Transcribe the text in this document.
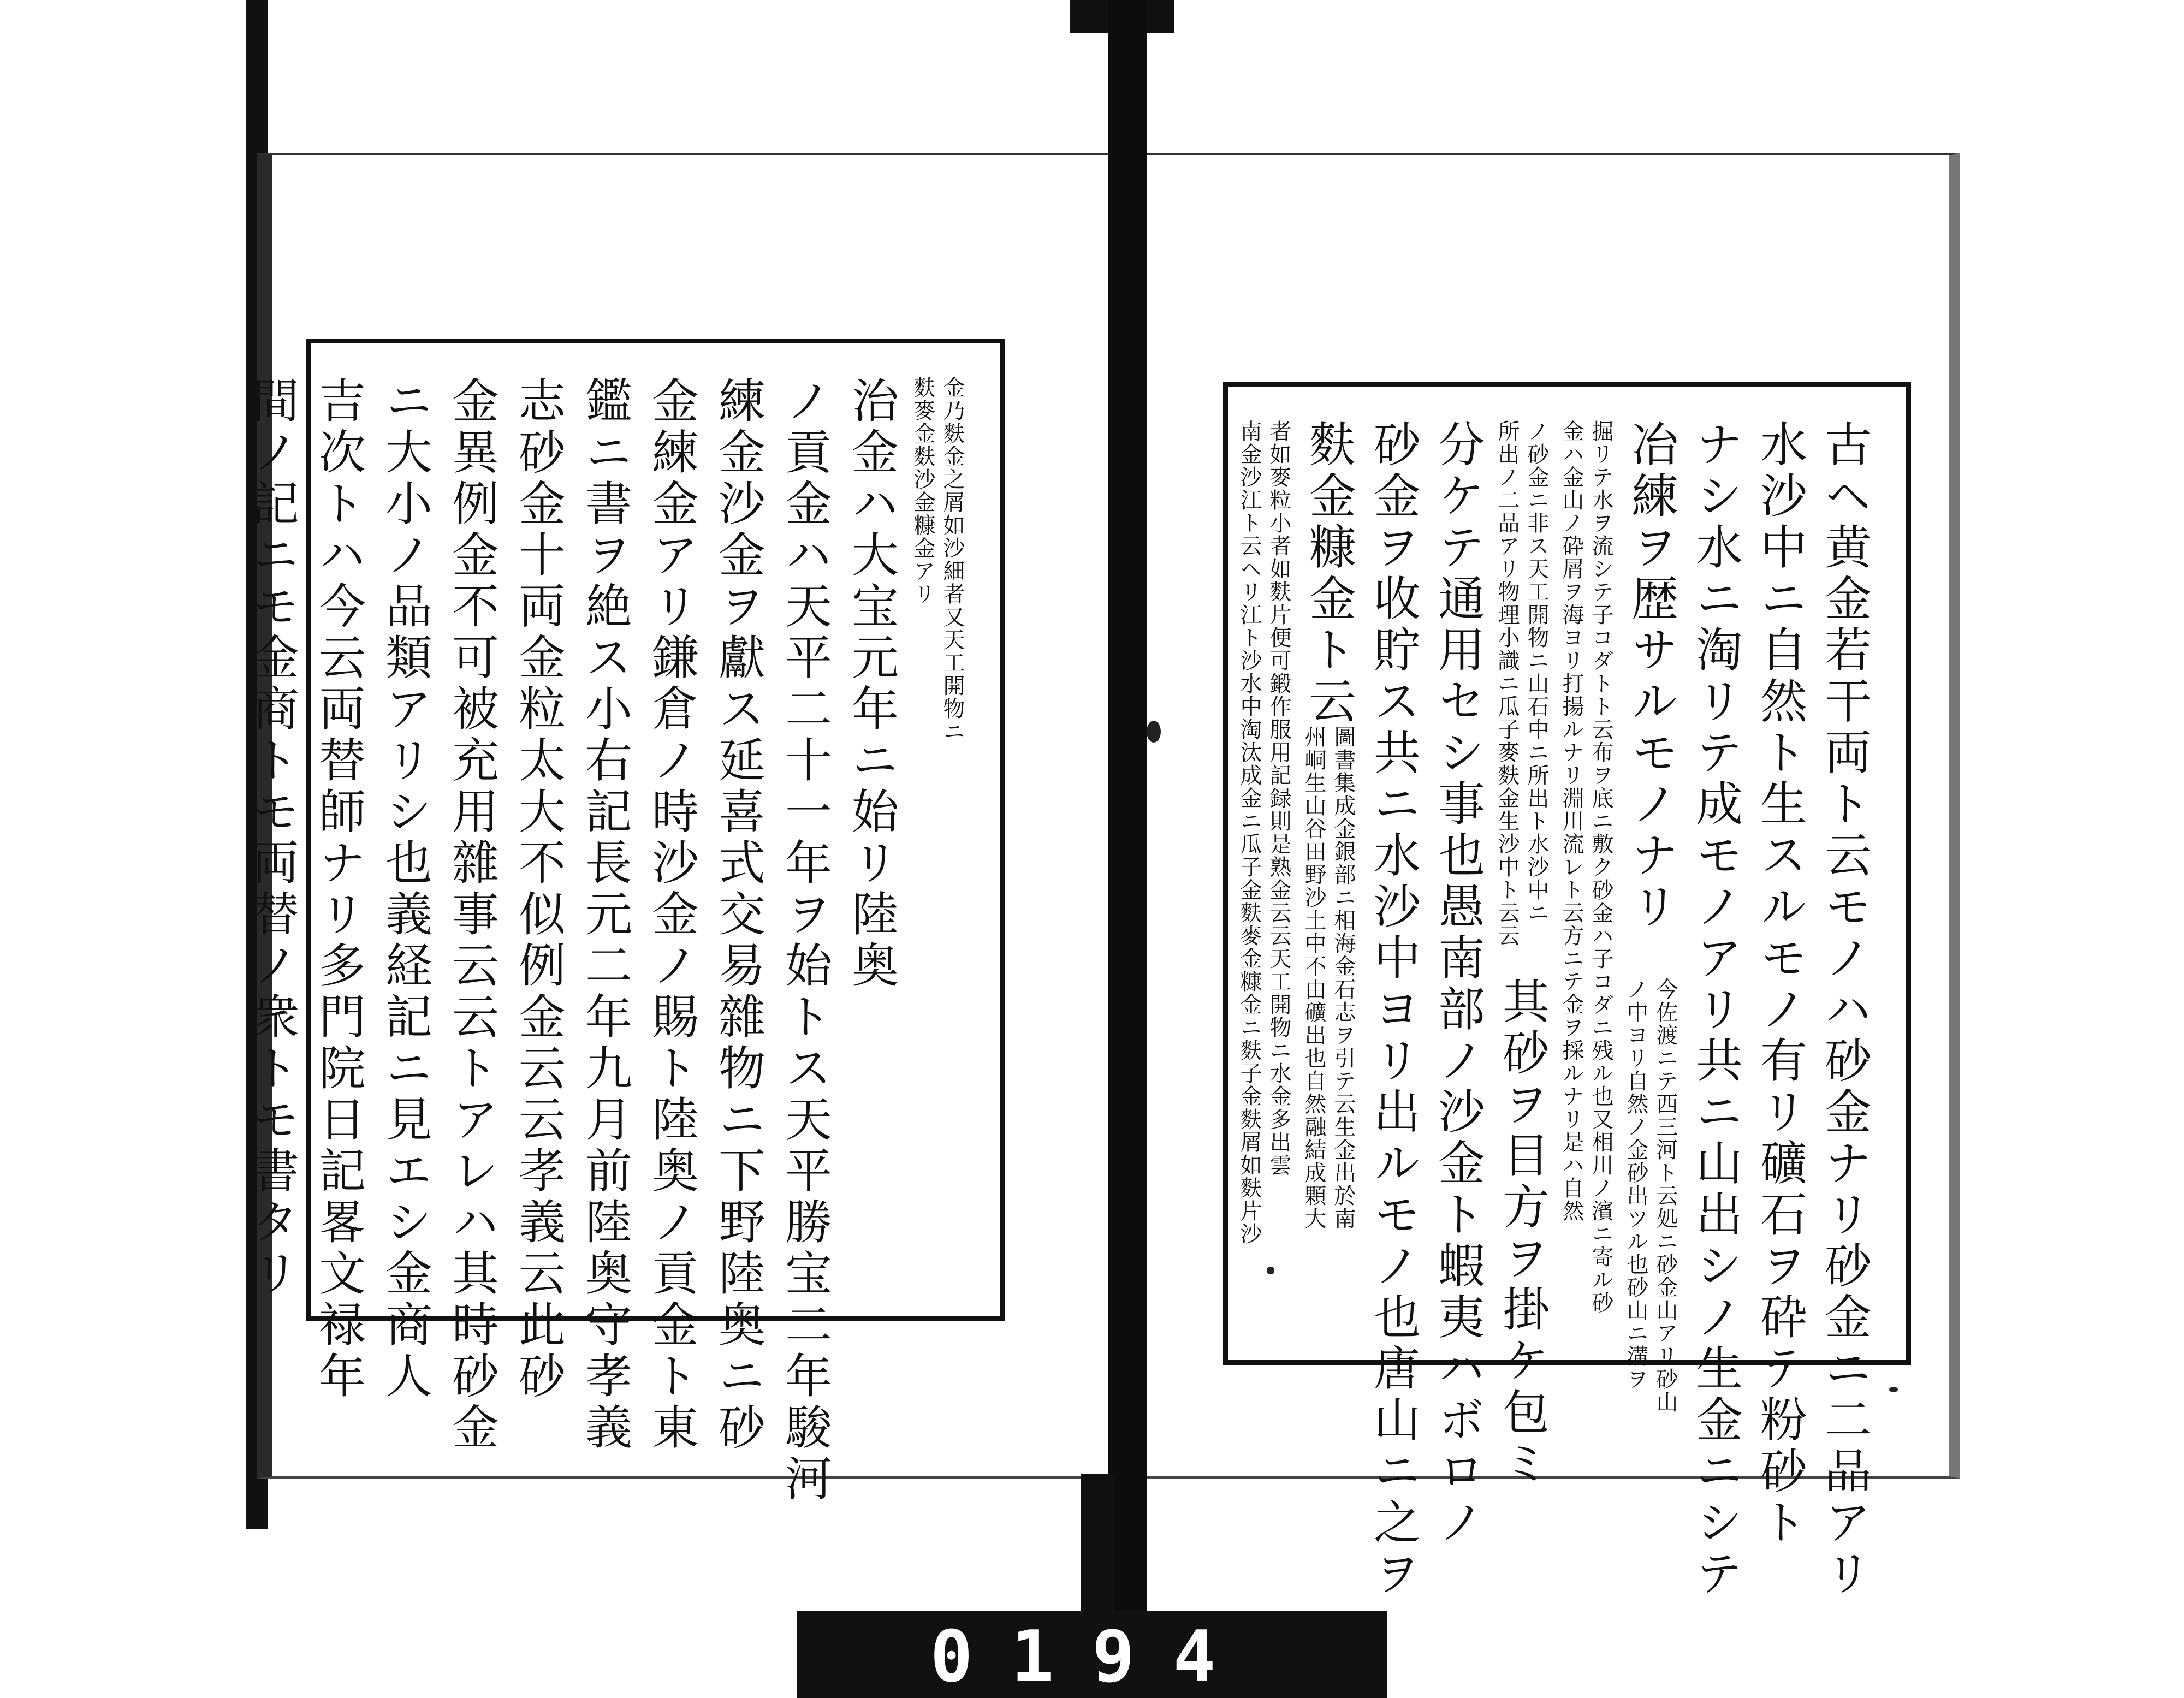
金乃麩金之屑如沙細者又天工開物ニ
麩麥金麩沙金糠金アリ
治金ハ大宝元年ニ始リ陸奥
ノ貢金ハ天平二十一年ヲ始トス天平勝宝二年駿河
練金沙金ヲ獻ス延喜式交易雜物ニ下野陸奥ニ砂
金練金アリ鎌倉ノ時沙金ノ賜ト陸奥ノ貢金ト東
鑑ニ書ヲ絶ス小右記長元二年九月前陸奥守孝義
志砂金十両金粒太大不似例金云云孝義云此砂
金異例金不可被充用雜事云云トアレハ其時砂金
ニ大小ノ品類アリシ也義経記ニ見エシ金商人
吉次トハ今云両替師ナリ多門院日記畧文禄年
間ノ記ニモ金商トモ両替ノ衆トモ書タリ	古ヘ黄金若干両ト云モノハ砂金ナリ砂金ニ二品アリ
水沙中ニ自然ト生スルモノ有リ礦石ヲ砕テ粉砂ト
ナシ水ニ淘リテ成モノアリ共ニ山出シノ生金ニシテ
冶練ヲ歴サルモノナリ
今佐渡ニテ西三河ト云処ニ砂金山アリ砂山
ノ中ヨリ自然ノ金砂出ツル也砂山ニ溝ヲ
掘リテ水ヲ流シテ子コダトト云布ヲ底ニ敷ク砂金ハ子コダニ残ル也又相川ノ濱ニ寄ル砂
金ハ金山ノ砕屑ヲ海ヨリ打揚ルナリ淵川流レト云方ニテ金ヲ採ルナリ是ハ自然
ノ砂金ニ非ス天工開物ニ山石中ニ所出ト水沙中ニ
所出ノ二品アリ物理小識ニ瓜子麥麩金生沙中ト云云
其砂ヲ目方ヲ掛ケ包ミ
分ケテ通用セシ事也愚南部ノ沙金ト蝦夷ハボロノ
砂金ヲ收貯ス共ニ水沙中ヨリ出ルモノ也唐山ニ之ヲ
麩金糠金ト云
圖書集成金銀部ニ相海金石志ヲ引テ云生金出於南
州峒生山谷田野沙土中不由礦出也自然融結成顆大
者如麥粒小者如麩片便可鍛作服用記録則是熟金云云天工開物ニ水金多出雲
南金沙江ト云ヘリ江ト沙水中淘汰成金ニ瓜子金麩麥金糠金ニ麩子金麩屑如麩片沙
0194
